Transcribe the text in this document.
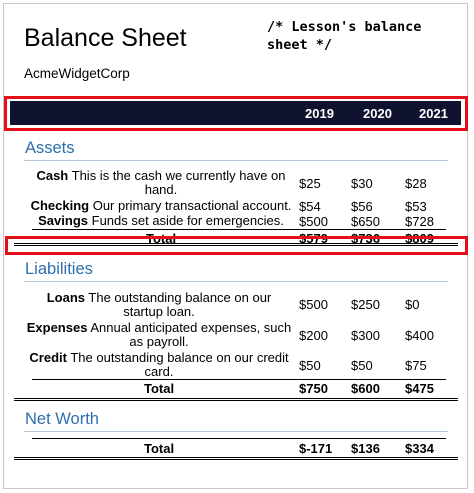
Balance Sheet	/* Lesson's balance sheet */
AcmeWidgetCorp
2019 2020 2021
Assets
Cash This is the cash we currently have on hand.	$25 $30 $28
Checking Our primary transactional account. $54 $56 $53
Savings Funds set aside for emergencies.	$500 $650 $728
Total	$579 $736 $809
Liabilities
Loans The outstanding balance on our startup loan.	$500 $250 $0
Expenses Annual anticipated expenses, such as payroll.	$200 $300 $400
Credit The outstanding balance on our credit card.	$50 $50 $75
Total	$750 $600 $475
Net Worth
Total	$-171 $136 $334
